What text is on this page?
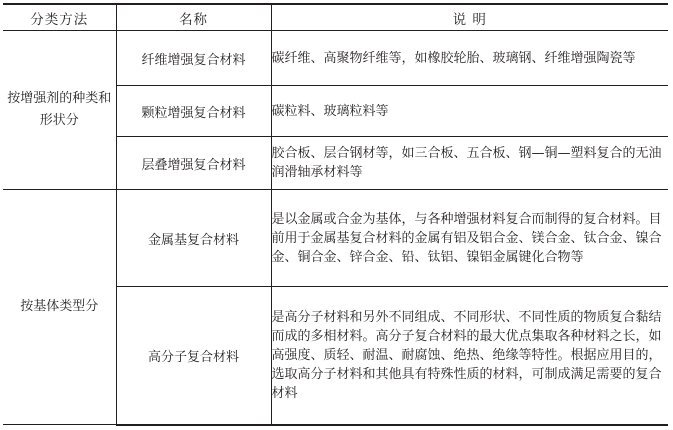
分类方法	名称	说 明
按增强剂的种类和形状分	纤维增强复合材料	碳纤维、高聚物纤维等，如橡胶轮胎、玻璃钢、纤维增强陶瓷等
	颗粒增强复合材料	碳粒料、玻璃粒料等
	层叠增强复合材料	胶合板、层合钢材等，如三合板、五合板、钢—铜—塑料复合的无油润滑轴承材料等
按基体类型分	金属基复合材料	是以金属或合金为基体，与各种增强材料复合而制得的复合材料。目前用于金属基复合材料的金属有铝及铝合金、镁合金、钛合金、镍合金、铜合金、锌合金、铅、钛铝、镍铝金属键化合物等
	高分子复合材料	是高分子材料和另外不同组成、不同形状、不同性质的物质复合黏结而成的多相材料。高分子复合材料的最大优点集取各种材料之长，如高强度、质轻、耐温、耐腐蚀、绝热、绝缘等特性。根据应用目的，选取高分子材料和其他具有特殊性质的材料，可制成满足需要的复合材料
